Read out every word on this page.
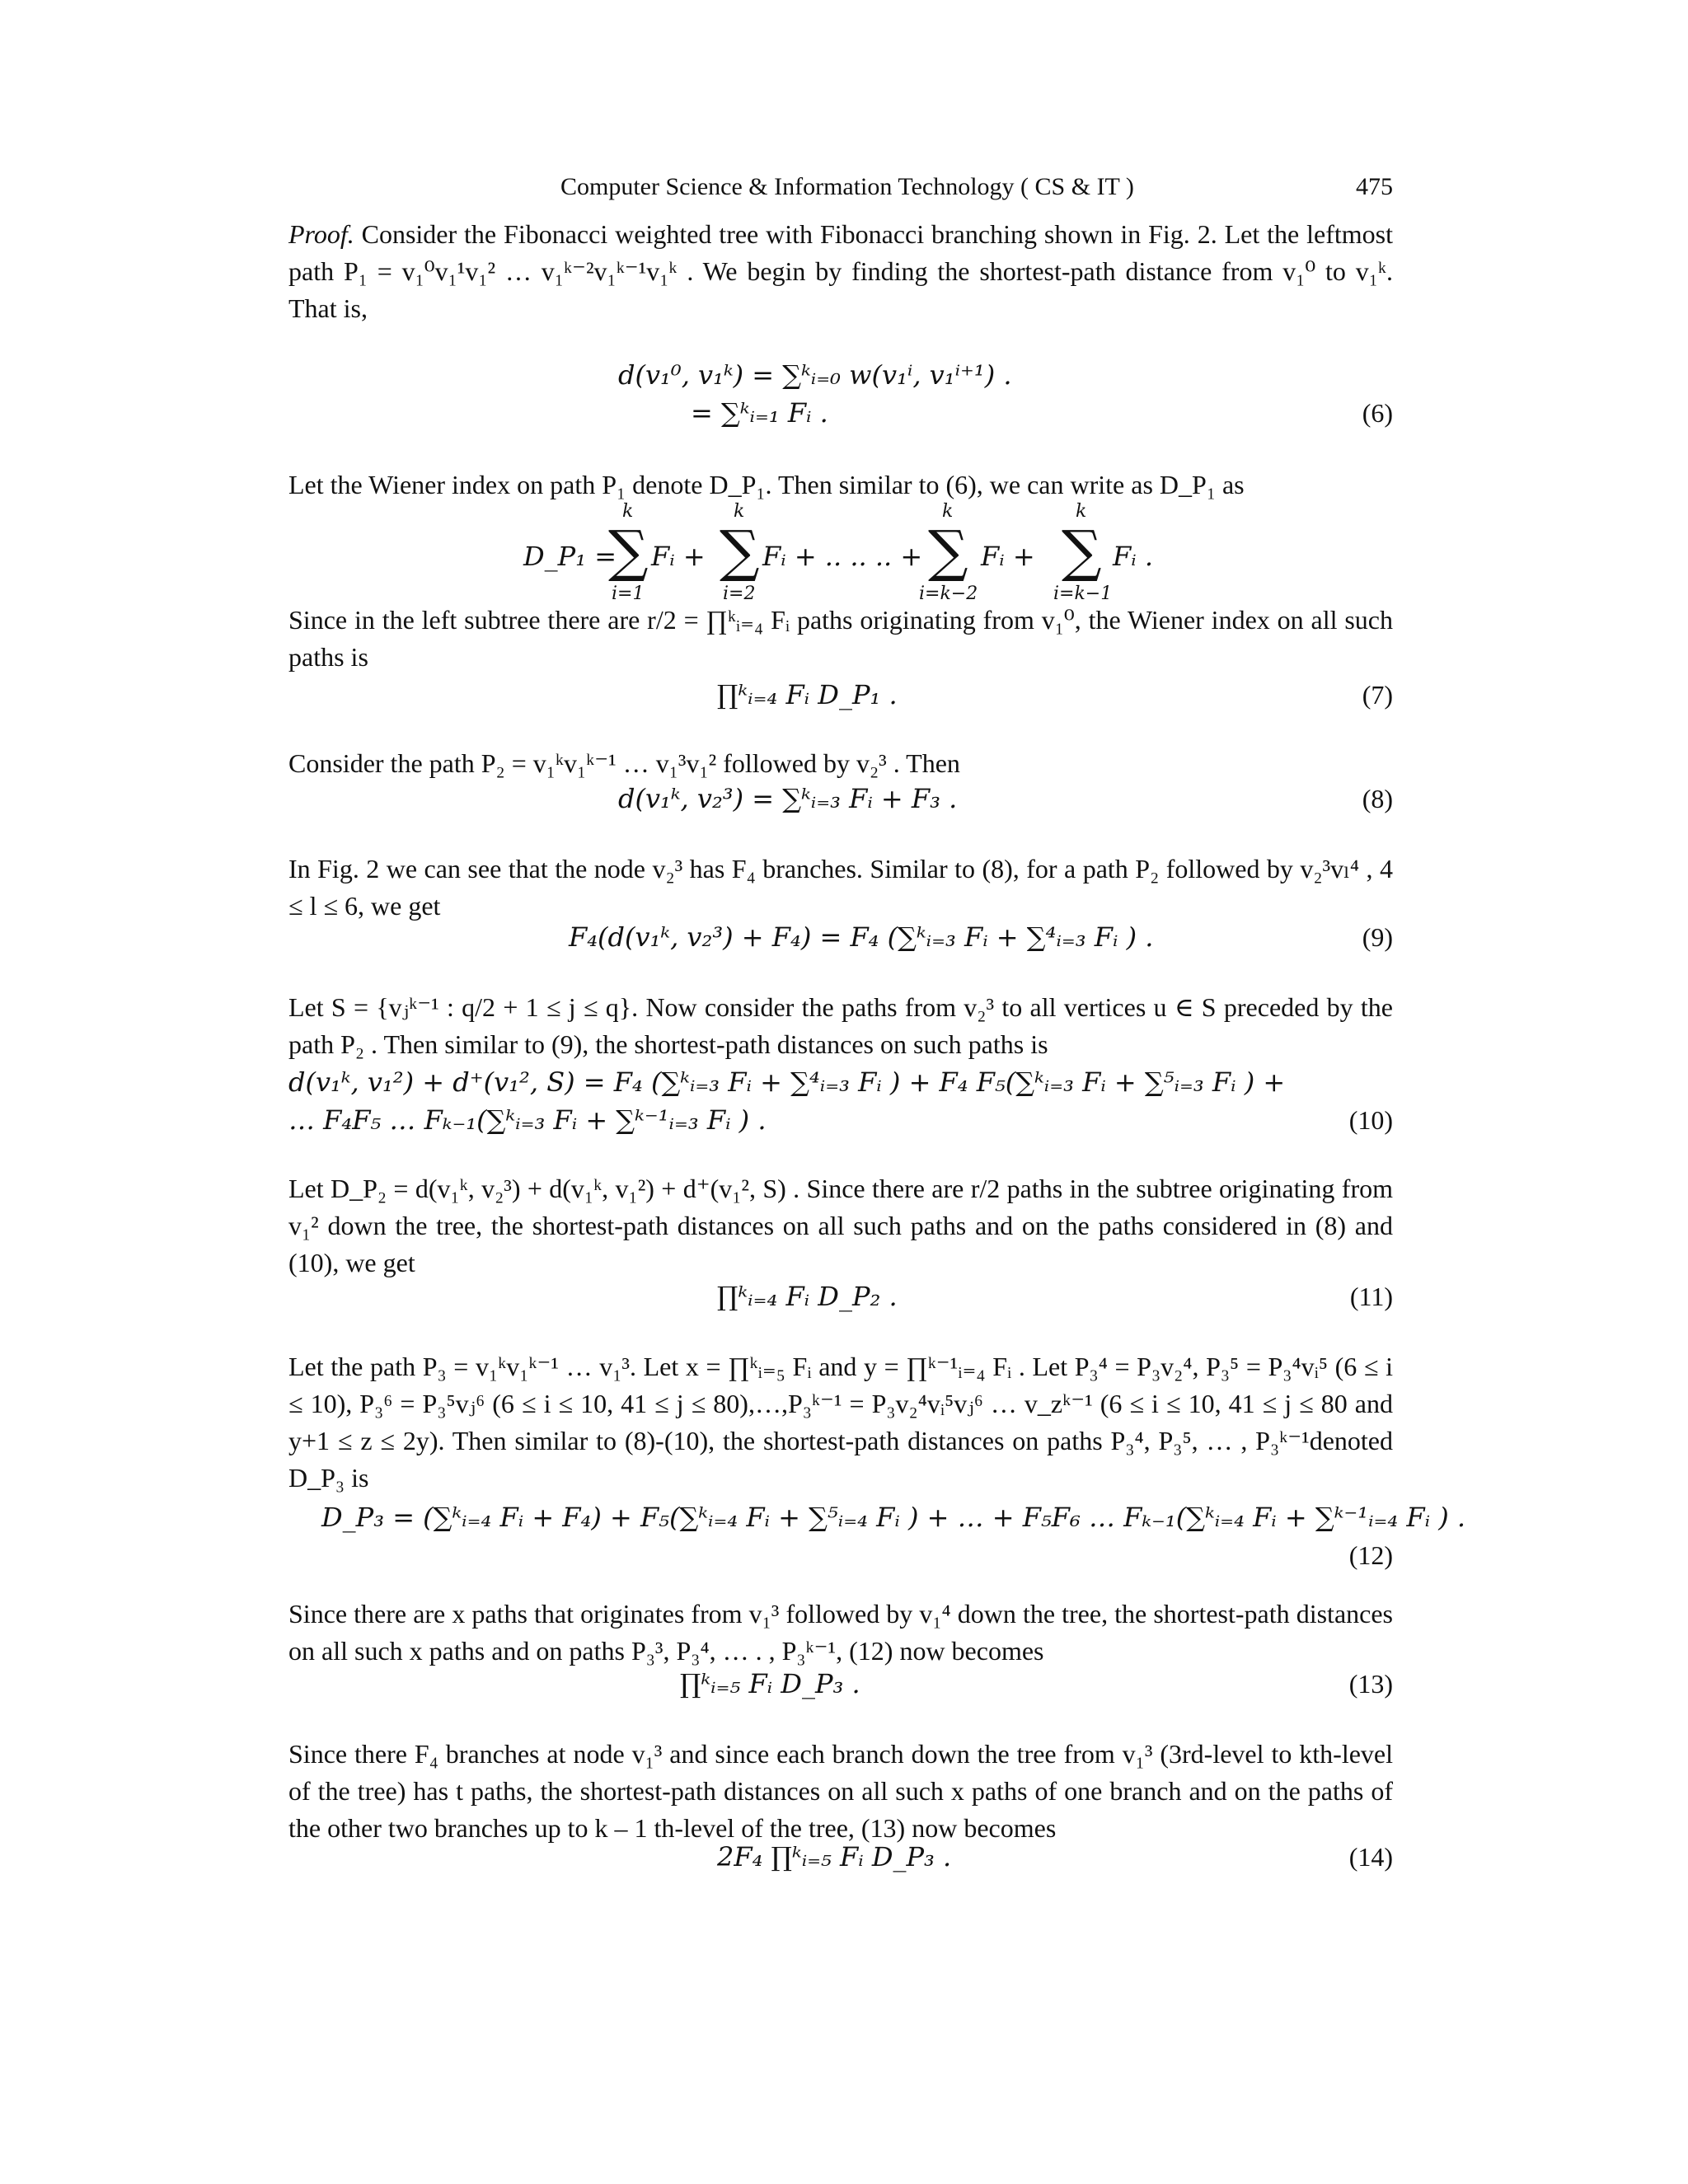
Computer Science & Information Technology ( CS & IT )	475

Proof. Consider the Fibonacci weighted tree with Fibonacci branching shown in Fig. 2. Let the leftmost path P₁ = v₁⁰v₁¹v₁² … v₁ᵏ⁻²v₁ᵏ⁻¹v₁ᵏ . We begin by finding the shortest-path distance from v₁⁰ to v₁ᵏ. That is,

d(v₁⁰, v₁ᵏ) = ∑ᵏᵢ₌₀ w(v₁ⁱ, v₁ⁱ⁺¹) .
= ∑ᵏᵢ₌₁ Fᵢ .	(6)

Let the Wiener index on path P₁ denote D_P₁. Then similar to (6), we can write as D_P₁ as

D_P₁ =
k
∑
i=1
Fᵢ +
k
∑
i=2
Fᵢ + .. .. .. +
k
∑
i=k−2
Fᵢ +
k
∑
i=k−1
Fᵢ .

Since in the left subtree there are r/2 = ∏ᵏᵢ₌₄ Fᵢ paths originating from v₁⁰, the Wiener index on all such paths is

∏ᵏᵢ₌₄ Fᵢ D_P₁ .	(7)

Consider the path P₂ = v₁ᵏv₁ᵏ⁻¹ … v₁³v₁² followed by v₂³ . Then

d(v₁ᵏ, v₂³) = ∑ᵏᵢ₌₃ Fᵢ + F₃ .	(8)

In Fig. 2 we can see that the node v₂³ has F₄ branches. Similar to (8), for a path P₂ followed by v₂³vₗ⁴ , 4 ≤ l ≤ 6, we get

F₄(d(v₁ᵏ, v₂³) + F₄) = F₄ (∑ᵏᵢ₌₃ Fᵢ + ∑⁴ᵢ₌₃ Fᵢ ) .	(9)

Let S = {vⱼᵏ⁻¹ : q/2 + 1 ≤ j ≤ q}. Now consider the paths from v₂³ to all vertices u ∈ S preceded by the path P₂ . Then similar to (9), the shortest-path distances on such paths is

d(v₁ᵏ, v₁²) + d⁺(v₁², S) = F₄ (∑ᵏᵢ₌₃ Fᵢ + ∑⁴ᵢ₌₃ Fᵢ ) + F₄ F₅(∑ᵏᵢ₌₃ Fᵢ + ∑⁵ᵢ₌₃ Fᵢ ) +
… F₄F₅ … Fₖ₋₁(∑ᵏᵢ₌₃ Fᵢ + ∑ᵏ⁻¹ᵢ₌₃ Fᵢ ) .	(10)

Let D_P₂ = d(v₁ᵏ, v₂³) + d(v₁ᵏ, v₁²) + d⁺(v₁², S) . Since there are r/2 paths in the subtree originating from v₁² down the tree, the shortest-path distances on all such paths and on the paths considered in (8) and (10), we get

∏ᵏᵢ₌₄ Fᵢ D_P₂ .	(11)

Let the path P₃ = v₁ᵏv₁ᵏ⁻¹ … v₁³. Let x = ∏ᵏᵢ₌₅ Fᵢ and y = ∏ᵏ⁻¹ᵢ₌₄ Fᵢ . Let P₃⁴ = P₃v₂⁴, P₃⁵ = P₃⁴vᵢ⁵ (6 ≤ i ≤ 10), P₃⁶ = P₃⁵vⱼ⁶ (6 ≤ i ≤ 10, 41 ≤ j ≤ 80),…,P₃ᵏ⁻¹ = P₃v₂⁴vᵢ⁵vⱼ⁶ … v_zᵏ⁻¹ (6 ≤ i ≤ 10, 41 ≤ j ≤ 80 and y+1 ≤ z ≤ 2y). Then similar to (8)-(10), the shortest-path distances on paths P₃⁴, P₃⁵, … , P₃ᵏ⁻¹denoted D_P₃ is

D_P₃ = (∑ᵏᵢ₌₄ Fᵢ + F₄) + F₅(∑ᵏᵢ₌₄ Fᵢ + ∑⁵ᵢ₌₄ Fᵢ ) + … + F₅F₆ … Fₖ₋₁(∑ᵏᵢ₌₄ Fᵢ + ∑ᵏ⁻¹ᵢ₌₄ Fᵢ ) .
(12)

Since there are x paths that originates from v₁³ followed by v₁⁴ down the tree, the shortest-path distances on all such x paths and on paths P₃³, P₃⁴, … . , P₃ᵏ⁻¹, (12) now becomes

∏ᵏᵢ₌₅ Fᵢ D_P₃ .	(13)

Since there F₄ branches at node v₁³ and since each branch down the tree from v₁³ (3rd-level to kth-level of the tree) has t paths, the shortest-path distances on all such x paths of one branch and on the paths of the other two branches up to k – 1 th-level of the tree, (13) now becomes

2F₄ ∏ᵏᵢ₌₅ Fᵢ D_P₃ .	(14)
